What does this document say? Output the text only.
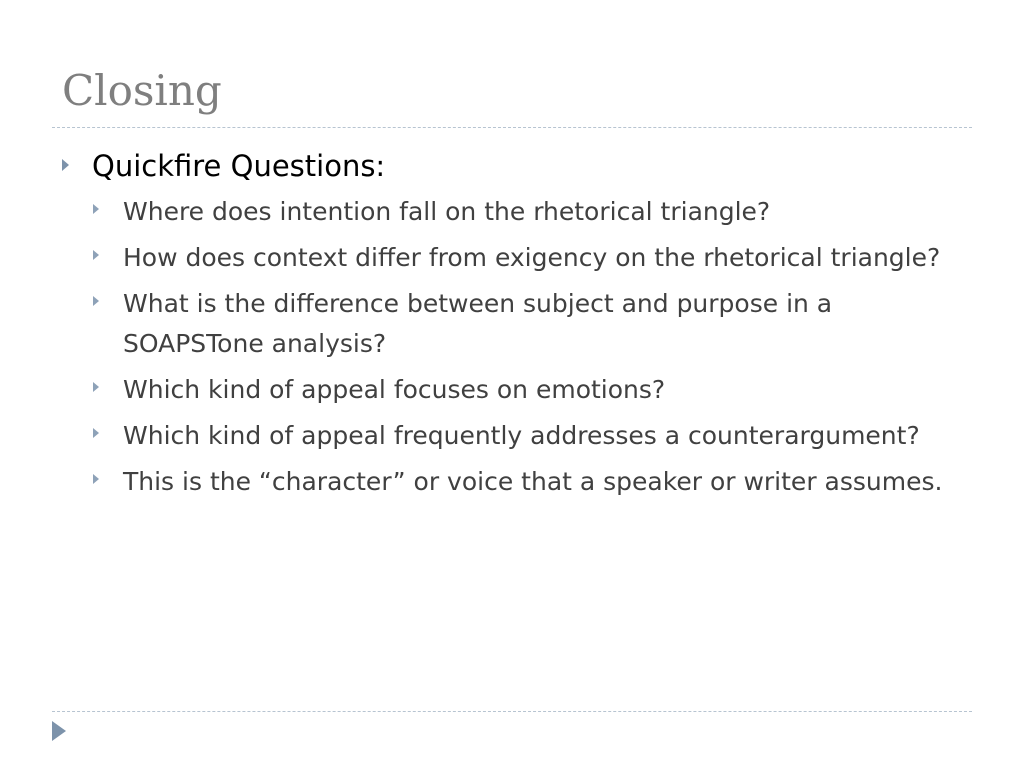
Closing
Quickfire Questions:
Where does intention fall on the rhetorical triangle?
How does context differ from exigency on the rhetorical triangle?
What is the difference between subject and purpose in a SOAPSTone analysis?
Which kind of appeal focuses on emotions?
Which kind of appeal frequently addresses a counterargument?
This is the “character” or voice that a speaker or writer assumes.
